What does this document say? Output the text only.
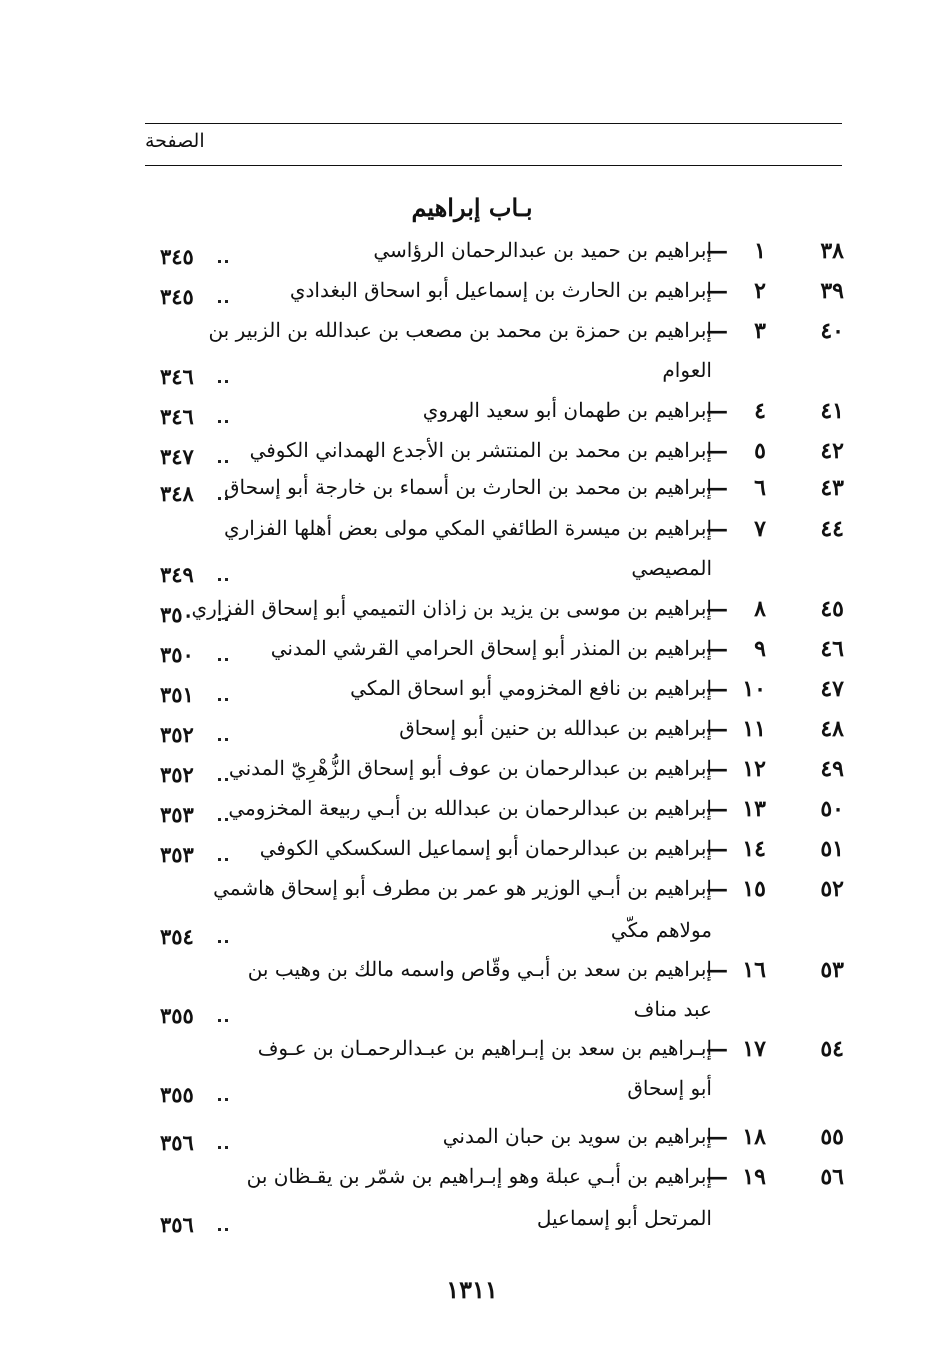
الصفحة
بـاب إبراهيم
٣٨
١
—
إبراهيم بن حميد بن عبدالرحمان الرؤاسي
٣٤٥
٣٩
٢
—
إبراهيم بن الحارث بن إسماعيل أبو اسحاق البغدادي
٣٤٥
٤٠
٣
—
إبراهيم بن حمزة بن محمد بن مصعب بن عبدالله بن الزبير بن
العوام
٣٤٦
٤١
٤
—
إبراهيم بن طهمان أبو سعيد الهروي
٣٤٦
٤٢
٥
—
إبراهيم بن محمد بن المنتشر بن الأجدع الهمداني الكوفي
٣٤٧
٤٣
٦
—
إبراهيم بن محمد بن الحارث بن أسماء بن خارجة أبو إسحاق
٣٤٨
٤٤
٧
—
إبراهيم بن ميسرة الطائفي المكي مولى بعض أهلها الفزاري
المصيصي
٣٤٩
٤٥
٨
—
إبراهيم بن موسى بن يزيد بن زاذان التميمي أبو إسحاق الفزاري
٣٥٠
٤٦
٩
—
إبراهيم بن المنذر أبو إسحاق الحرامي القرشي المدني
٣٥٠
٤٧
١٠
—
إبراهيم بن نافع المخزومي أبو اسحاق المكي
٣٥١
٤٨
١١
—
إبراهيم بن عبدالله بن حنين أبو إسحاق
٣٥٢
٤٩
١٢
—
إبراهيم بن عبدالرحمان بن عوف أبو إسحاق الزُّهْرِيّ المدني
٣٥٢
٥٠
١٣
—
إبراهيم بن عبدالرحمان بن عبدالله بن أبـي ربيعة المخزومي
٣٥٣
٥١
١٤
—
إبراهيم بن عبدالرحمان أبو إسماعيل السكسكي الكوفي
٣٥٣
٥٢
١٥
—
إبراهيم بن أبـي الوزير هو عمر بن مطرف أبو إسحاق هاشمي
مولاهم مكّي
٣٥٤
٥٣
١٦
—
إبراهيم بن سعد بن أبـي وقّاص واسمه مالك بن وهيب بن
عبد مناف
٣٥٥
٥٤
١٧
—
إبـراهيم بن سعد بن إبـراهيم بن عبـدالرحمـان بن عـوف
أبو إسحاق
٣٥٥
٥٥
١٨
—
إبراهيم بن سويد بن حبان المدني
٣٥٦
٥٦
١٩
—
إبراهيم بن أبـي عبلة وهو إبـراهيم بن شمّر بن يقـظان بن
المرتحل أبو إسماعيل
٣٥٦
١٣١١
